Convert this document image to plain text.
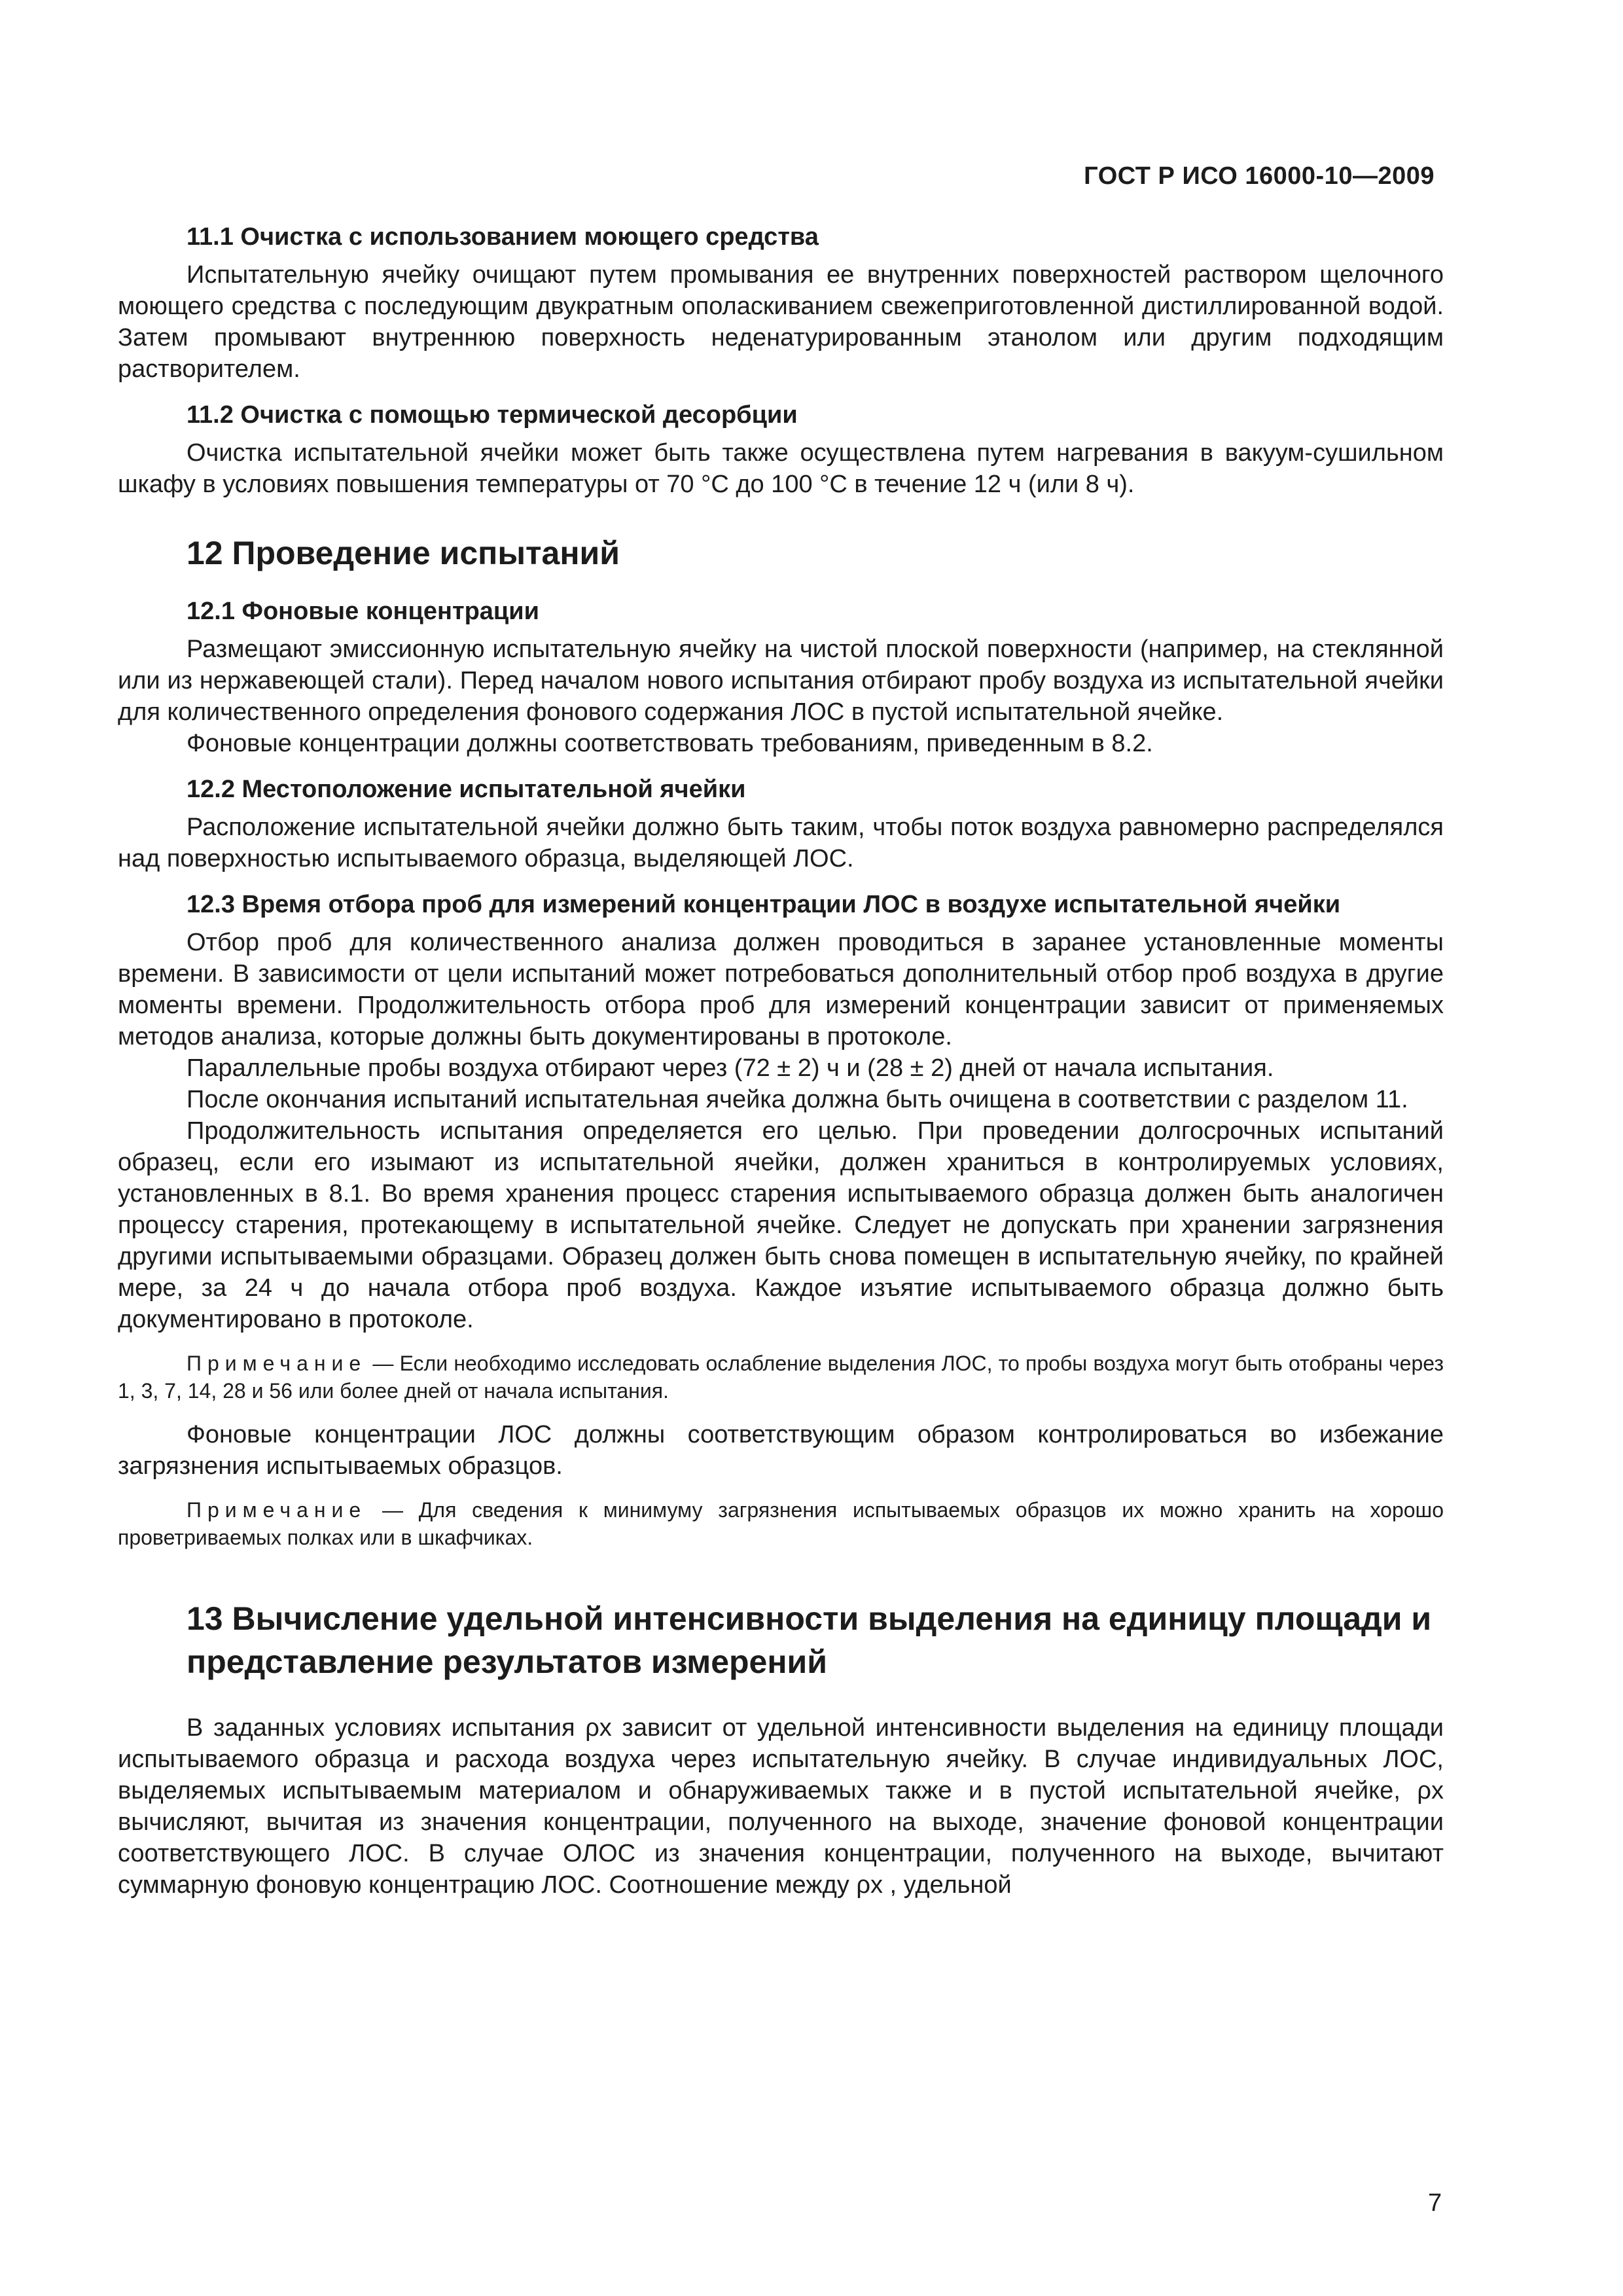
ГОСТ Р ИСО 16000-10—2009
11.1 Очистка с использованием моющего средства

Испытательную ячейку очищают путем промывания ее внутренних поверхностей раствором щелочного моющего средства с последующим двукратным ополаскиванием свежеприготовленной дистиллированной водой. Затем промывают внутреннюю поверхность неденатурированным этанолом или другим подходящим растворителем.

11.2 Очистка с помощью термической десорбции

Очистка испытательной ячейки может быть также осуществлена путем нагревания в вакуум-сушильном шкафу в условиях повышения температуры от 70 °С до 100 °С в течение 12 ч (или 8 ч).

12 Проведение испытаний
12.1 Фоновые концентрации

Размещают эмиссионную испытательную ячейку на чистой плоской поверхности (например, на стеклянной или из нержавеющей стали). Перед началом нового испытания отбирают пробу воздуха из испытательной ячейки для количественного определения фонового содержания ЛОС в пустой испытательной ячейке.

Фоновые концентрации должны соответствовать требованиям, приведенным в 8.2.

12.2 Местоположение испытательной ячейки

Расположение испытательной ячейки должно быть таким, чтобы поток воздуха равномерно распределялся над поверхностью испытываемого образца, выделяющей ЛОС.

12.3 Время отбора проб для измерений концентрации ЛОС в воздухе испытательной ячейки

Отбор проб для количественного анализа должен проводиться в заранее установленные моменты времени. В зависимости от цели испытаний может потребоваться дополнительный отбор проб воздуха в другие моменты времени. Продолжительность отбора проб для измерений концентрации зависит от применяемых методов анализа, которые должны быть документированы в протоколе.

Параллельные пробы воздуха отбирают через (72 ± 2) ч и (28 ± 2) дней от начала испытания.

После окончания испытаний испытательная ячейка должна быть очищена в соответствии с разделом 11.

Продолжительность испытания определяется его целью. При проведении долгосрочных испытаний образец, если его изымают из испытательной ячейки, должен храниться в контролируемых условиях, установленных в 8.1. Во время хранения процесс старения испытываемого образца должен быть аналогичен процессу старения, протекающему в испытательной ячейке. Следует не допускать при хранении загрязнения другими испытываемыми образцами. Образец должен быть снова помещен в испытательную ячейку, по крайней мере, за 24 ч до начала отбора проб воздуха. Каждое изъятие испытываемого образца должно быть документировано в протоколе.

Примечание — Если необходимо исследовать ослабление выделения ЛОС, то пробы воздуха могут быть отобраны через 1, 3, 7, 14, 28 и 56 или более дней от начала испытания.

Фоновые концентрации ЛОС должны соответствующим образом контролироваться во избежание загрязнения испытываемых образцов.

Примечание — Для сведения к минимуму загрязнения испытываемых образцов их можно хранить на хорошо проветриваемых полках или в шкафчиках.

13 Вычисление удельной интенсивности выделения на единицу площади и представление результатов измерений

В заданных условиях испытания ρx зависит от удельной интенсивности выделения на единицу площади испытываемого образца и расхода воздуха через испытательную ячейку. В случае индивидуальных ЛОС, выделяемых испытываемым материалом и обнаруживаемых также и в пустой испытательной ячейке, ρx вычисляют, вычитая из значения концентрации, полученного на выходе, значение фоновой концентрации соответствующего ЛОС. В случае ОЛОС из значения концентрации, полученного на выходе, вычитают суммарную фоновую концентрацию ЛОС. Соотношение между ρx , удельной

7
